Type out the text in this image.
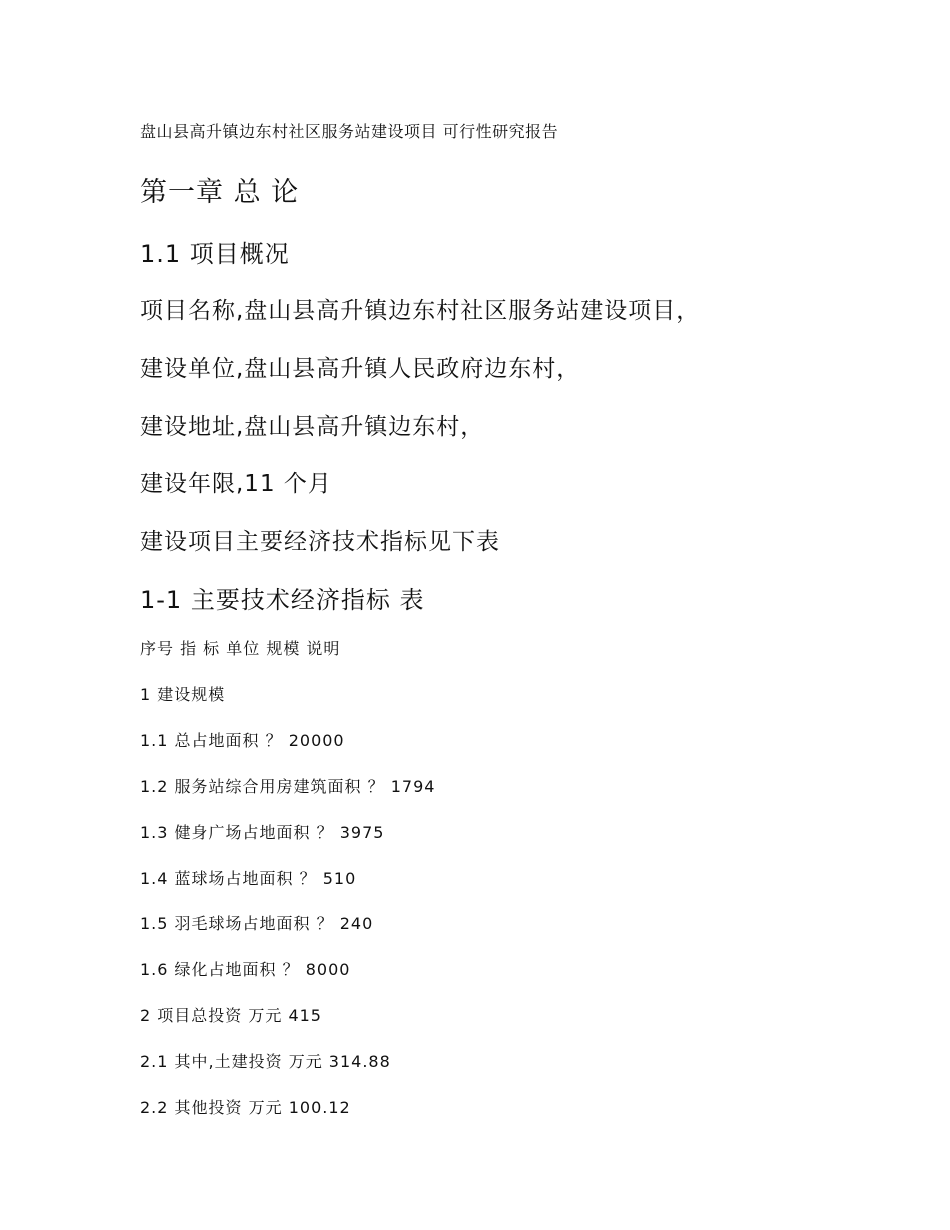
盘山县高升镇边东村社区服务站建设项目 可行性研究报告
第一章 总 论
1.1 项目概况
项目名称,盘山县高升镇边东村社区服务站建设项目，
建设单位,盘山县高升镇人民政府边东村，
建设地址,盘山县高升镇边东村，
建设年限,11 个月
建设项目主要经济技术指标见下表
1-1 主要技术经济指标 表
序号 指 标 单位 规模 说明
1 建设规模
1.1 总占地面积 ？ 20000
1.2 服务站综合用房建筑面积 ？ 1794
1.3 健身广场占地面积 ？ 3975
1.4 蓝球场占地面积 ？ 510
1.5 羽毛球场占地面积 ？ 240
1.6 绿化占地面积 ？ 8000
2 项目总投资 万元 415
2.1 其中,土建投资 万元 314.88
2.2 其他投资 万元 100.12
